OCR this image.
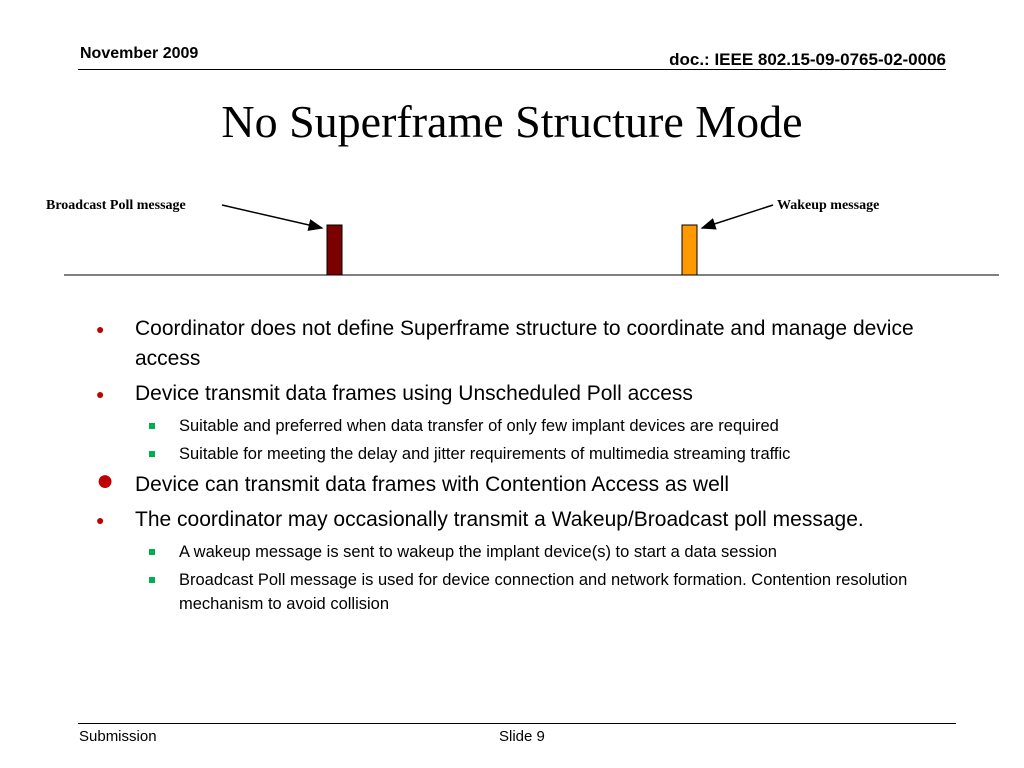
November 2009	doc.: IEEE 802.15-09-0765-02-0006
No Superframe Structure Mode
Broadcast Poll message	Wakeup message
● Coordinator does not define Superframe structure to coordinate and manage device access
● Device transmit data frames using Unscheduled Poll access
Suitable and preferred when data transfer of only few implant devices are required
Suitable for meeting the delay and jitter requirements of multimedia streaming traffic
● Device can transmit data frames with Contention Access as well
● The coordinator may occasionally transmit a Wakeup/Broadcast poll message.
A wakeup message is sent to wakeup the implant device(s) to start a data session
Broadcast Poll message is used for device connection and network formation. Contention resolution mechanism to avoid collision
Submission	Slide 9
